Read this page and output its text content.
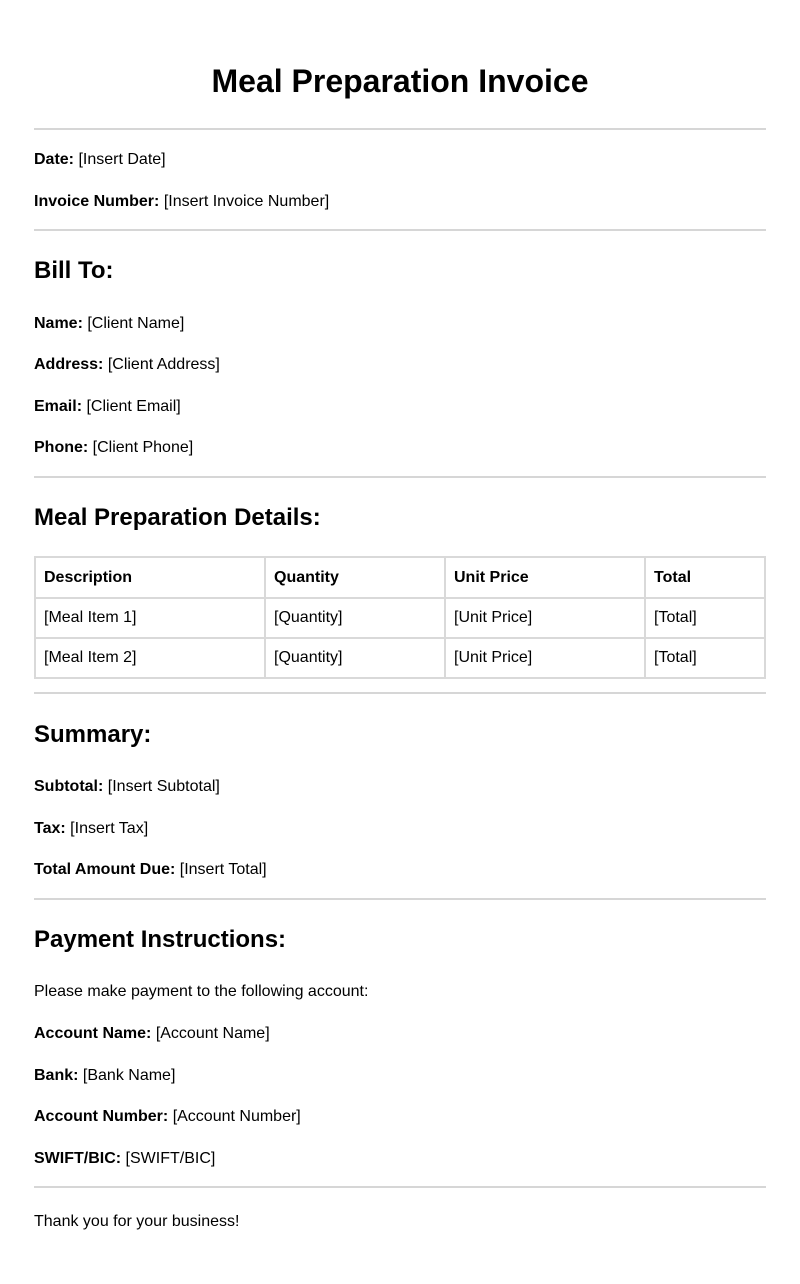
Meal Preparation Invoice
Date: [Insert Date]
Invoice Number: [Insert Invoice Number]
Bill To:
Name: [Client Name]
Address: [Client Address]
Email: [Client Email]
Phone: [Client Phone]
Meal Preparation Details:
Description	Quantity	Unit Price	Total
[Meal Item 1]	[Quantity]	[Unit Price]	[Total]
[Meal Item 2]	[Quantity]	[Unit Price]	[Total]
Summary:
Subtotal: [Insert Subtotal]
Tax: [Insert Tax]
Total Amount Due: [Insert Total]
Payment Instructions:
Please make payment to the following account:
Account Name: [Account Name]
Bank: [Bank Name]
Account Number: [Account Number]
SWIFT/BIC: [SWIFT/BIC]
Thank you for your business!
